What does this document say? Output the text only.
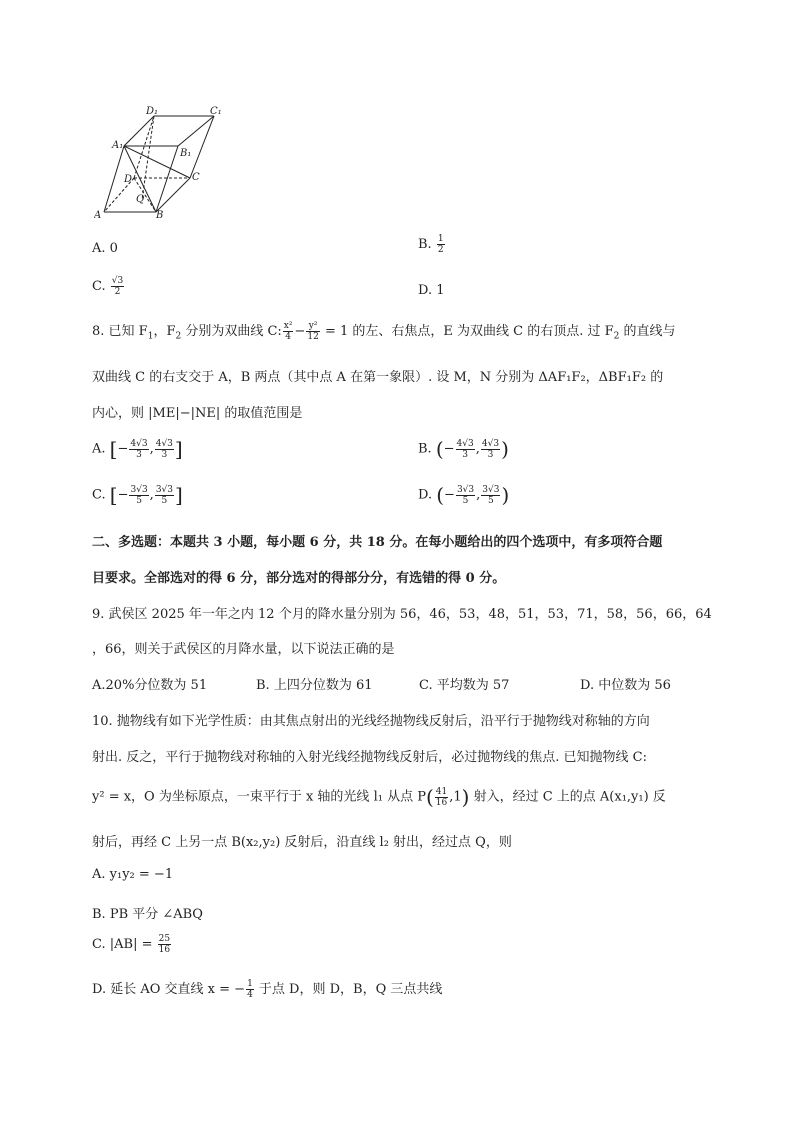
D₁	C₁
A₁
B₁
D	C
A
Q
B
A. 0	B. $\frac{1}{2}$
C. $\frac{√3}{2}$	D. 1
8. 已知 $F_1$，$F_2$ 分别为双曲线 C: $\frac{\text{x²}}{4} - \frac{\text{y²}}{12} = 1$ 的左、右焦点，E 为双曲线 C 的右顶点. 过 $F_2$ 的直线与
双曲线 C 的右支交于 A，B 两点（其中点 A 在第一象限）. 设 M，N 分别为 ΔAF₁F₂，ΔBF₁F₂ 的
内心，则 |ME|−|NE| 的取值范围是
A. [− $\frac{4√3}{3}$ , $\frac{4√3}{3}$ ]	B. (− $\frac{4√3}{3}$ , $\frac{4√3}{3}$ )
C. [− $\frac{3√3}{5}$ , $\frac{3√3}{5}$ ]	D. (− $\frac{3√3}{5}$ , $\frac{3√3}{5}$ )
二、多选题：本题共 3 小题，每小题 6 分，共 18 分。在每小题给出的四个选项中，有多项符合题
目要求。全部选对的得 6 分，部分选对的得部分分，有选错的得 0 分。
9. 武侯区 2025 年一年之内 12 个月的降水量分别为 56，46，53，48，51，53，71，58，56，66，64
，66，则关于武侯区的月降水量，以下说法正确的是
A.20%分位数为 51	B. 上四分位数为 61	C. 平均数为 57	D. 中位数为 56
10. 抛物线有如下光学性质：由其焦点射出的光线经抛物线反射后，沿平行于抛物线对称轴的方向
射出. 反之，平行于抛物线对称轴的入射光线经抛物线反射后，必过抛物线的焦点. 已知抛物线 C:
y² = x，O 为坐标原点，一束平行于 x 轴的光线 l₁ 从点 $P( \frac{41}{16} ,1)$ 射入，经过 C 上的点 A(x₁,y₁) 反
射后，再经 C 上另一点 B(x₂,y₂) 反射后，沿直线 l₂ 射出，经过点 Q，则
A. y₁y₂ = −1
B. PB 平分 ∠ABQ
C. $|AB| = \frac{25}{16}$
D. 延长 AO 交直线 x = − $\frac{1}{4}$ 于点 D，则 D，B，Q 三点共线
